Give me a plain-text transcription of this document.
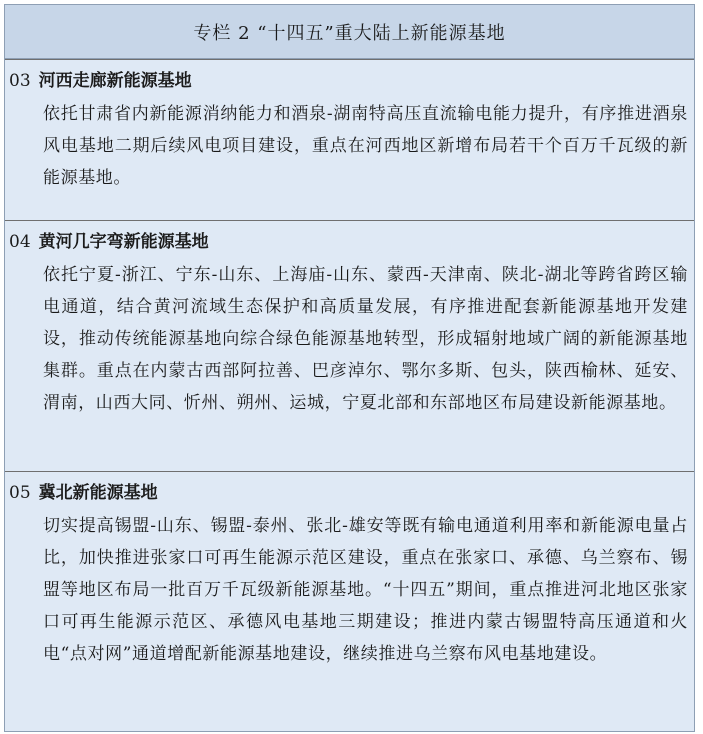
专栏 2 “十四五”重大陆上新能源基地
03 河西走廊新能源基地
依托甘肃省内新能源消纳能力和酒泉-湖南特高压直流输电能力提升，有序推进酒泉风电基地二期后续风电项目建设，重点在河西地区新增布局若干个百万千瓦级的新能源基地。
04 黄河几字弯新能源基地
依托宁夏-浙江、宁东-山东、上海庙-山东、蒙西-天津南、陕北-湖北等跨省跨区输电通道，结合黄河流域生态保护和高质量发展，有序推进配套新能源基地开发建设，推动传统能源基地向综合绿色能源基地转型，形成辐射地域广阔的新能源基地集群。重点在内蒙古西部阿拉善、巴彦淖尔、鄂尔多斯、包头，陕西榆林、延安、渭南，山西大同、忻州、朔州、运城，宁夏北部和东部地区布局建设新能源基地。
05 冀北新能源基地
切实提高锡盟-山东、锡盟-泰州、张北-雄安等既有输电通道利用率和新能源电量占比，加快推进张家口可再生能源示范区建设，重点在张家口、承德、乌兰察布、锡盟等地区布局一批百万千瓦级新能源基地。“十四五”期间，重点推进河北地区张家口可再生能源示范区、承德风电基地三期建设；推进内蒙古锡盟特高压通道和火电“点对网”通道增配新能源基地建设，继续推进乌兰察布风电基地建设。
